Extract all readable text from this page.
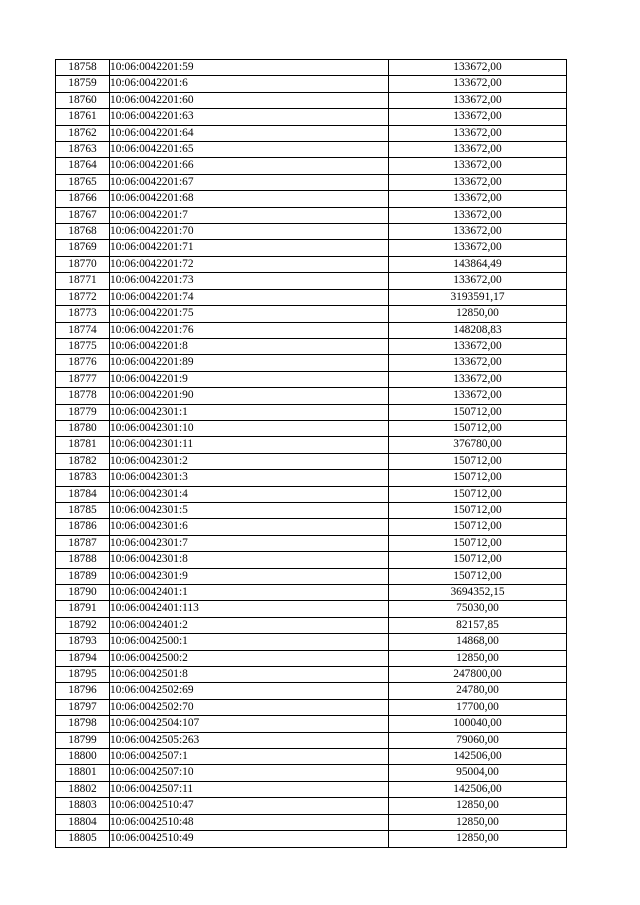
18758	10:06:0042201:59	133672,00
18759	10:06:0042201:6	133672,00
18760	10:06:0042201:60	133672,00
18761	10:06:0042201:63	133672,00
18762	10:06:0042201:64	133672,00
18763	10:06:0042201:65	133672,00
18764	10:06:0042201:66	133672,00
18765	10:06:0042201:67	133672,00
18766	10:06:0042201:68	133672,00
18767	10:06:0042201:7	133672,00
18768	10:06:0042201:70	133672,00
18769	10:06:0042201:71	133672,00
18770	10:06:0042201:72	143864,49
18771	10:06:0042201:73	133672,00
18772	10:06:0042201:74	3193591,17
18773	10:06:0042201:75	12850,00
18774	10:06:0042201:76	148208,83
18775	10:06:0042201:8	133672,00
18776	10:06:0042201:89	133672,00
18777	10:06:0042201:9	133672,00
18778	10:06:0042201:90	133672,00
18779	10:06:0042301:1	150712,00
18780	10:06:0042301:10	150712,00
18781	10:06:0042301:11	376780,00
18782	10:06:0042301:2	150712,00
18783	10:06:0042301:3	150712,00
18784	10:06:0042301:4	150712,00
18785	10:06:0042301:5	150712,00
18786	10:06:0042301:6	150712,00
18787	10:06:0042301:7	150712,00
18788	10:06:0042301:8	150712,00
18789	10:06:0042301:9	150712,00
18790	10:06:0042401:1	3694352,15
18791	10:06:0042401:113	75030,00
18792	10:06:0042401:2	82157,85
18793	10:06:0042500:1	14868,00
18794	10:06:0042500:2	12850,00
18795	10:06:0042501:8	247800,00
18796	10:06:0042502:69	24780,00
18797	10:06:0042502:70	17700,00
18798	10:06:0042504:107	100040,00
18799	10:06:0042505:263	79060,00
18800	10:06:0042507:1	142506,00
18801	10:06:0042507:10	95004,00
18802	10:06:0042507:11	142506,00
18803	10:06:0042510:47	12850,00
18804	10:06:0042510:48	12850,00
18805	10:06:0042510:49	12850,00
